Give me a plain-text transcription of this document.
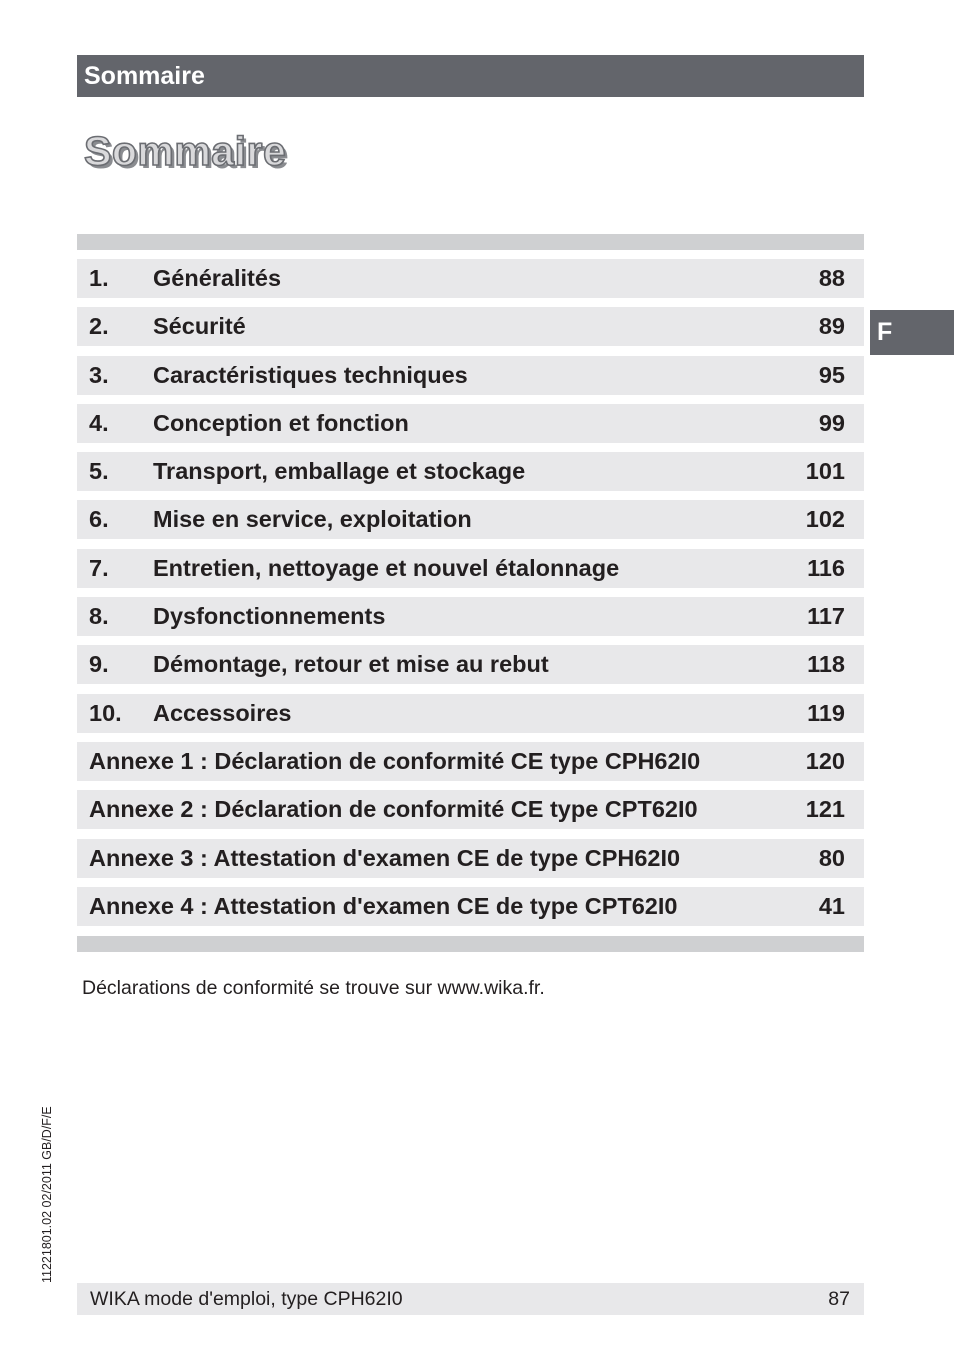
Sommaire
Sommaire
1. Généralités	88
2. Sécurité	89
3. Caractéristiques techniques	95
4. Conception et fonction	99
5. Transport, emballage et stockage	101
6. Mise en service, exploitation	102
7. Entretien, nettoyage et nouvel étalonnage	116
8. Dysfonctionnements	117
9. Démontage, retour et mise au rebut	118
10. Accessoires	119
Annexe 1 : Déclaration de conformité CE type CPH62I0	120
Annexe 2 : Déclaration de conformité CE type CPT62I0	121
Annexe 3 : Attestation d'examen CE de type CPH62I0	80
Annexe 4 : Attestation d'examen CE de type CPT62I0	41
F
Déclarations de conformité se trouve sur www.wika.fr.
11221801.02 02/2011 GB/D/F/E
WIKA mode d'emploi, type CPH62I0	87
